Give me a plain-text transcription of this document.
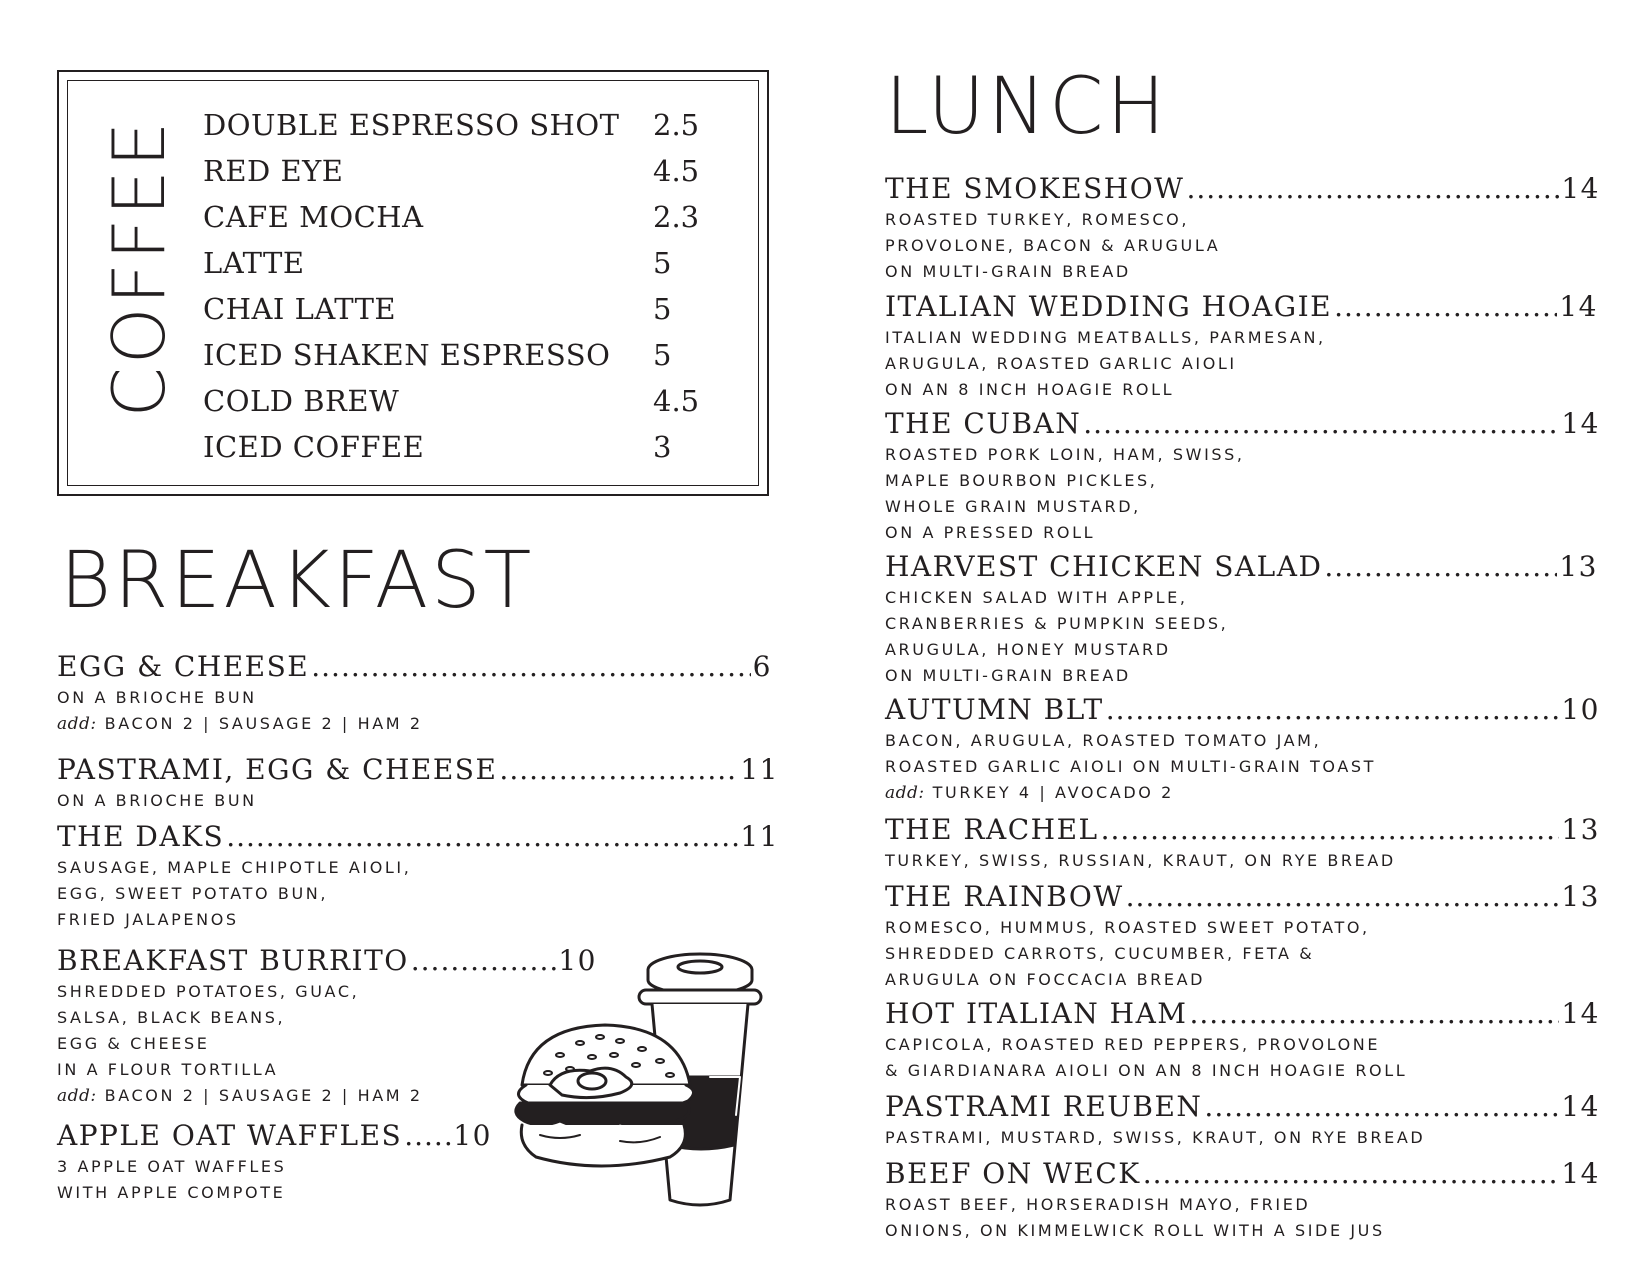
COFFEE DOUBLE ESPRESSO SHOT 2.5
RED EYE	4.5
CAFE MOCHA	2.3
LATTE	5
CHAI LATTE	5
ICED SHAKEN ESPRESSO 5
COLD BREW	4.5
ICED COFFEE	3
BREAKFAST
EGG & CHEESE .....	6
ON A BRIOCHE BUN
add: BACON 2 | SAUSAGE 2 | HAM 2
PASTRAMI, EGG & CHEESE .....	11
ON A BRIOCHE BUN
THE DAKS .....	11
SAUSAGE, MAPLE CHIPOTLE AIOLI,
EGG, SWEET POTATO BUN,
FRIED JALAPENOS
BREAKFAST BURRITO .....	10
SHREDDED POTATOES, GUAC,
SALSA, BLACK BEANS,
EGG & CHEESE
IN A FLOUR TORTILLA
add: BACON 2 | SAUSAGE 2 | HAM 2
APPLE OAT WAFFLES ..... 10
3 APPLE OAT WAFFLES
WITH APPLE COMPOTE
LUNCH
THE SMOKESHOW .....	14
ROASTED TURKEY, ROMESCO,
PROVOLONE, BACON & ARUGULA
ON MULTI-GRAIN BREAD
ITALIAN WEDDING HOAGIE .....	14
ITALIAN WEDDING MEATBALLS, PARMESAN,
ARUGULA, ROASTED GARLIC AIOLI
ON AN 8 INCH HOAGIE ROLL
THE CUBAN .....	14
ROASTED PORK LOIN, HAM, SWISS,
MAPLE BOURBON PICKLES,
WHOLE GRAIN MUSTARD,
ON A PRESSED ROLL
HARVEST CHICKEN SALAD .....	13
CHICKEN SALAD WITH APPLE,
CRANBERRIES & PUMPKIN SEEDS,
ARUGULA, HONEY MUSTARD
ON MULTI-GRAIN BREAD
AUTUMN BLT .....	10
BACON, ARUGULA, ROASTED TOMATO JAM,
ROASTED GARLIC AIOLI ON MULTI-GRAIN TOAST
add: TURKEY 4 | AVOCADO 2
THE RACHEL .....	13
TURKEY, SWISS, RUSSIAN, KRAUT, ON RYE BREAD
THE RAINBOW .....	13
ROMESCO, HUMMUS, ROASTED SWEET POTATO,
SHREDDED CARROTS, CUCUMBER, FETA &
ARUGULA ON FOCCACIA BREAD
HOT ITALIAN HAM .....	14
CAPICOLA, ROASTED RED PEPPERS, PROVOLONE
& GIARDIANARA AIOLI ON AN 8 INCH HOAGIE ROLL
PASTRAMI REUBEN .....	14
PASTRAMI, MUSTARD, SWISS, KRAUT, ON RYE BREAD
BEEF ON WECK .....	14
ROAST BEEF, HORSERADISH MAYO, FRIED
ONIONS, ON KIMMELWICK ROLL WITH A SIDE JUS
